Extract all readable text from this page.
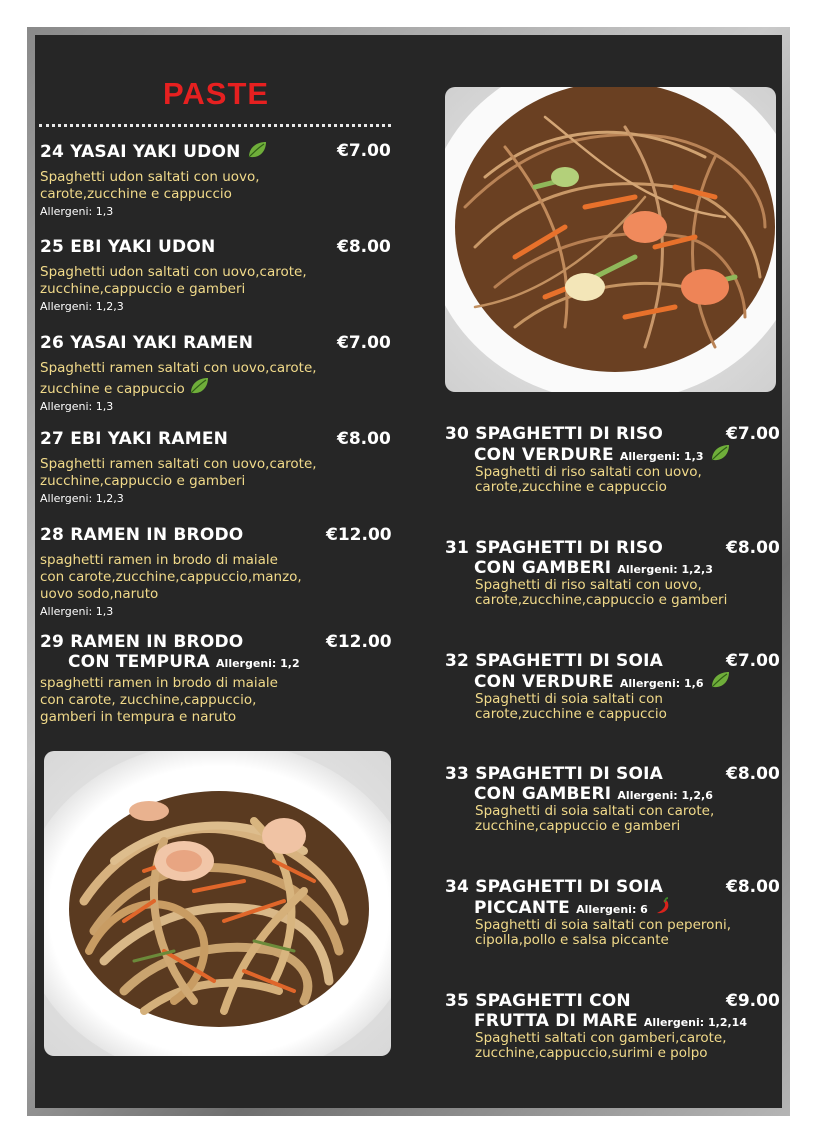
PASTE
24 YASAI YAKI UDON
Spaghetti udon saltati con uovo,
carote,zucchine e cappuccio
Allergeni: 1,3
€7.00
25 EBI YAKI UDON
Spaghetti udon saltati con uovo,carote,
zucchine,cappuccio e gamberi
Allergeni: 1,2,3
€8.00
26 YASAI YAKI RAMEN
Spaghetti ramen saltati con uovo,carote,
zucchine e cappuccio
Allergeni: 1,3
€7.00
27 EBI YAKI RAMEN
Spaghetti ramen saltati con uovo,carote,
zucchine,cappuccio e gamberi
Allergeni: 1,2,3
€8.00
28 RAMEN IN BRODO
spaghetti ramen in brodo di maiale
con carote,zucchine,cappuccio,manzo,
uovo sodo,naruto
Allergeni: 1,3
€12.00
29 RAMEN IN BRODO
CON TEMPURA Allergeni: 1,2
spaghetti ramen in brodo di maiale
con carote, zucchine,cappuccio,
gamberi in tempura e naruto
€12.00
30 SPAGHETTI DI RISO
CON VERDURE Allergeni: 1,3
Spaghetti di riso saltati con uovo,
carote,zucchine e cappuccio
€7.00
31 SPAGHETTI DI RISO
CON GAMBERI Allergeni: 1,2,3
Spaghetti di riso saltati con uovo,
carote,zucchine,cappuccio e gamberi
€8.00
32 SPAGHETTI DI SOIA
CON VERDURE Allergeni: 1,6
Spaghetti di soia saltati con
carote,zucchine e cappuccio
€7.00
33 SPAGHETTI DI SOIA
CON GAMBERI Allergeni: 1,2,6
Spaghetti di soia saltati con carote,
zucchine,cappuccio e gamberi
€8.00
34 SPAGHETTI DI SOIA
PICCANTE Allergeni: 6
Spaghetti di soia saltati con peperoni,
cipolla,pollo e salsa piccante
€8.00
35 SPAGHETTI CON
FRUTTA DI MARE Allergeni: 1,2,14
Spaghetti saltati con gamberi,carote,
zucchine,cappuccio,surimi e polpo
€9.00
